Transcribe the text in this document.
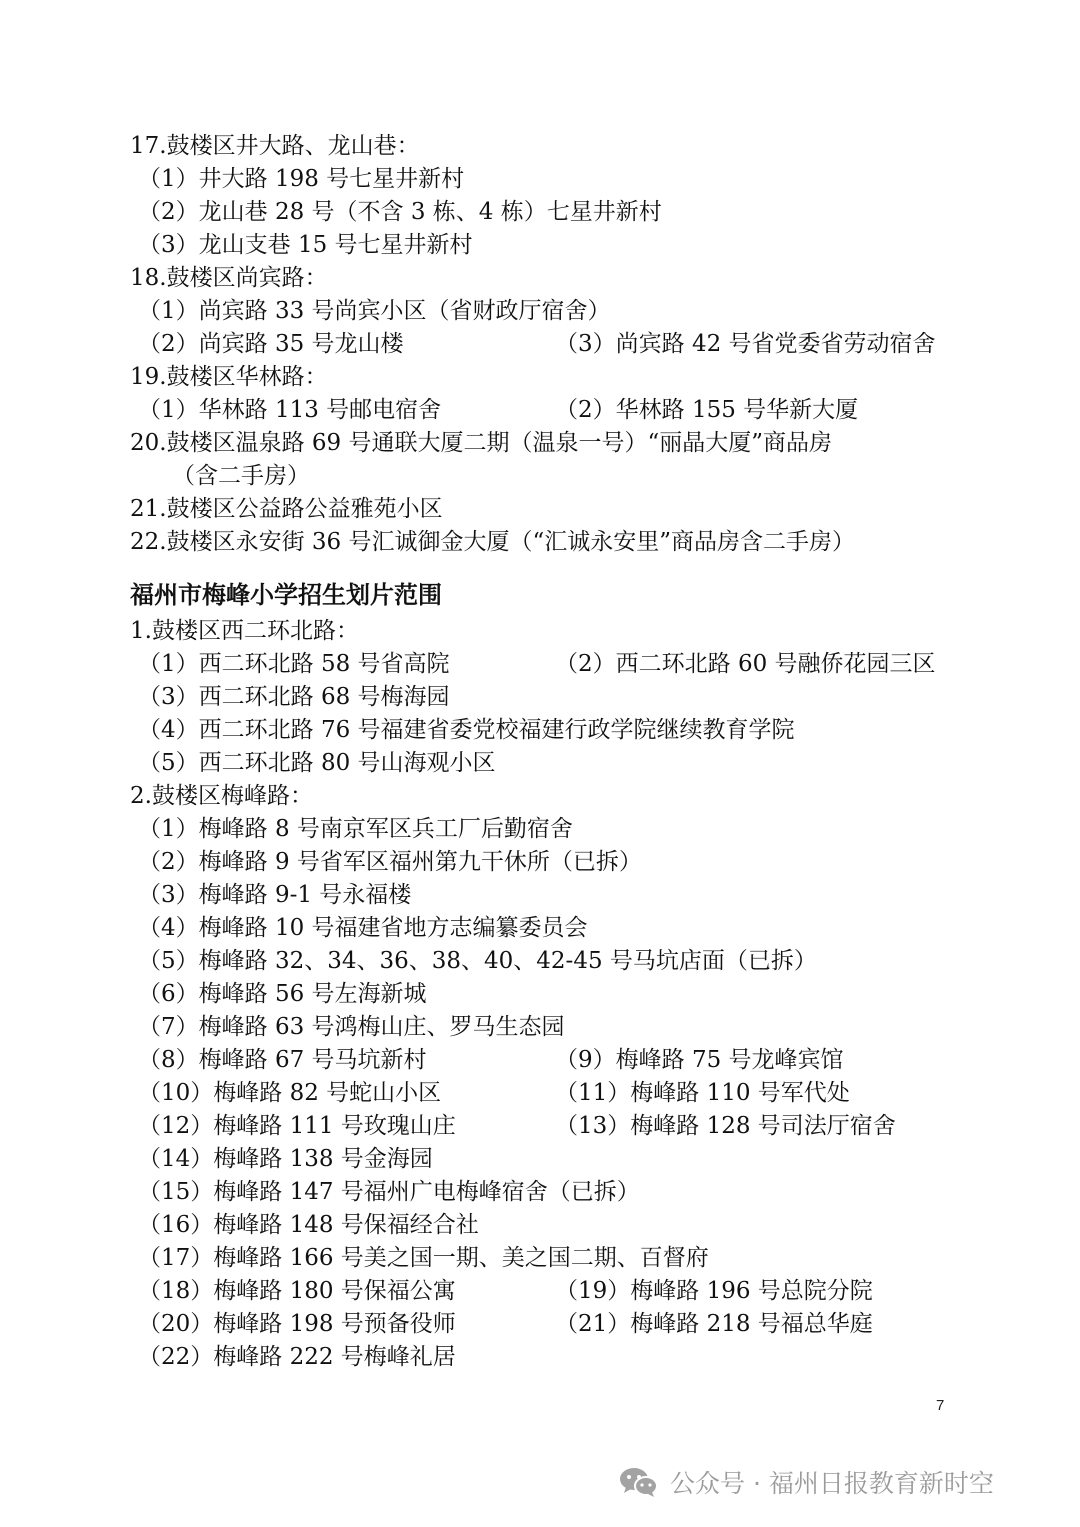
17.鼓楼区井大路、龙山巷：
（1）井大路 198 号七星井新村
（2）龙山巷 28 号（不含 3 栋、4 栋）七星井新村
（3）龙山支巷 15 号七星井新村
18.鼓楼区尚宾路：
（1）尚宾路 33 号尚宾小区（省财政厅宿舍）
（2）尚宾路 35 号龙山楼	（3）尚宾路 42 号省党委省劳动宿舍
19.鼓楼区华林路：
（1）华林路 113 号邮电宿舍	（2）华林路 155 号华新大厦
20.鼓楼区温泉路 69 号通联大厦二期（温泉一号）“丽晶大厦”商品房
（含二手房）
21.鼓楼区公益路公益雅苑小区
22.鼓楼区永安街 36 号汇诚御金大厦（“汇诚永安里”商品房含二手房）
福州市梅峰小学招生划片范围
1.鼓楼区西二环北路：
（1）西二环北路 58 号省高院	（2）西二环北路 60 号融侨花园三区
（3）西二环北路 68 号梅海园
（4）西二环北路 76 号福建省委党校福建行政学院继续教育学院
（5）西二环北路 80 号山海观小区
2.鼓楼区梅峰路：
（1）梅峰路 8 号南京军区兵工厂后勤宿舍
（2）梅峰路 9 号省军区福州第九干休所（已拆）
（3）梅峰路 9-1 号永福楼
（4）梅峰路 10 号福建省地方志编纂委员会
（5）梅峰路 32、34、36、38、40、42-45 号马坑店面（已拆）
（6）梅峰路 56 号左海新城
（7）梅峰路 63 号鸿梅山庄、罗马生态园
（8）梅峰路 67 号马坑新村	（9）梅峰路 75 号龙峰宾馆
（10）梅峰路 82 号蛇山小区	（11）梅峰路 110 号军代处
（12）梅峰路 111 号玫瑰山庄	（13）梅峰路 128 号司法厅宿舍
（14）梅峰路 138 号金海园
（15）梅峰路 147 号福州广电梅峰宿舍（已拆）
（16）梅峰路 148 号保福经合社
（17）梅峰路 166 号美之国一期、美之国二期、百督府
（18）梅峰路 180 号保福公寓	（19）梅峰路 196 号总院分院
（20）梅峰路 198 号预备役师	（21）梅峰路 218 号福总华庭
（22）梅峰路 222 号梅峰礼居
7
公众号 · 福州日报教育新时空
